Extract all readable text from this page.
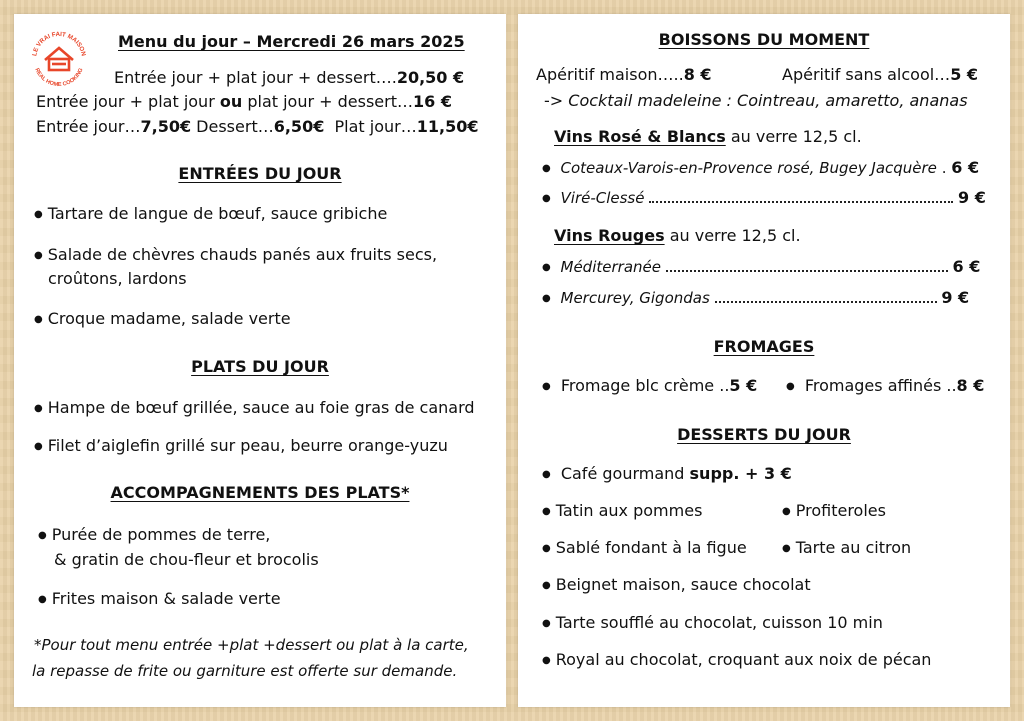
LE VRAI FAIT MAISON
REAL HOME COOKING
Menu du jour – Mercredi 26 mars 2025
Entrée jour + plat jour + dessert….20,50 €
Entrée jour + plat jour ou plat jour + dessert…16 €
Entrée jour…7,50€ Dessert…6,50€  Plat jour…11,50€
ENTRÉES DU JOUR
● Tartare de langue de bœuf, sauce gribiche
● Salade de chèvres chauds panés aux fruits secs,
croûtons, lardons
● Croque madame, salade verte
PLATS DU JOUR
● Hampe de bœuf grillée, sauce au foie gras de canard
● Filet d’aiglefin grillé sur peau, beurre orange-yuzu
ACCOMPAGNEMENTS DES PLATS*
● Purée de pommes de terre,
& gratin de chou-fleur et brocolis
● Frites maison & salade verte
*Pour tout menu entrée +plat +dessert ou plat à la carte,
la repasse de frite ou garniture est offerte sur demande.
BOISSONS DU MOMENT
Apéritif maison…..8 €	Apéritif sans alcool…5 €
-> Cocktail madeleine : Cointreau, amaretto, ananas
Vins Rosé & Blancs au verre 12,5 cl.
● Coteaux-Varois-en-Provence rosé, Bugey Jacquère . 6 €
● Viré-Clessé	9 €
Vins Rouges au verre 12,5 cl.
● Méditerranée	6 €
● Mercurey, Gigondas	9 €
FROMAGES
● Fromage blc crème ..5 €	● Fromages affinés ..8 €
DESSERTS DU JOUR
● Café gourmand supp. + 3 €
● Tatin aux pommes	● Profiteroles
● Sablé fondant à la figue	● Tarte au citron
● Beignet maison, sauce chocolat
● Tarte soufflé au chocolat, cuisson 10 min
● Royal au chocolat, croquant aux noix de pécan
